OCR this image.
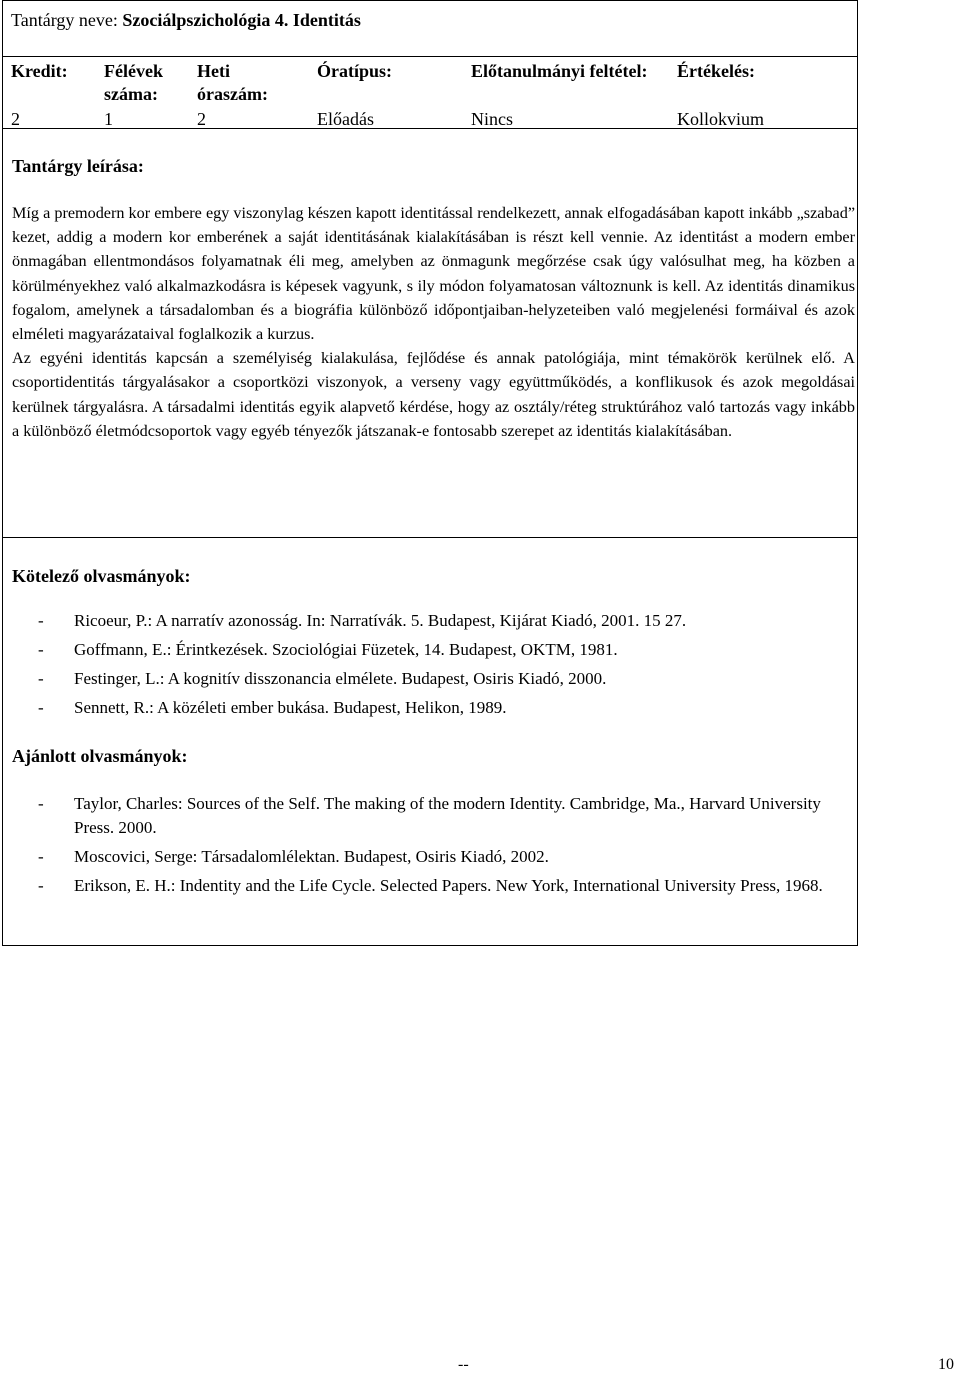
Tantárgy neve: Szociálpszichológia 4. Identitás
Kredit:
2
Félévek száma:
1
Heti óraszám:
2
Óratípus:
Előadás
Előtanulmányi feltétel:
Nincs
Értékelés:
Kollokvium
Tantárgy leírása:

Míg a premodern kor embere egy viszonylag készen kapott identitással rendelkezett, annak elfogadásában kapott inkább „szabad” kezet, addig a modern kor emberének a saját identitásának kialakításában is részt kell vennie. Az identitást a modern ember önmagában ellentmondásos folyamatnak éli meg, amelyben az önmagunk megőrzése csak úgy valósulhat meg, ha közben a körülményekhez való alkalmazkodásra is képesek vagyunk, s ily módon folyamatosan változnunk is kell. Az identitás dinamikus fogalom, amelynek a társadalomban és a biográfia különböző időpontjaiban-helyzeteiben való megjelenési formáival és azok elméleti magyarázataival foglalkozik a kurzus.

Az egyéni identitás kapcsán a személyiség kialakulása, fejlődése és annak patológiája, mint témakörök kerülnek elő. A csoportidentitás tárgyalásakor a csoportközi viszonyok, a verseny vagy együttműködés, a konflikusok és azok megoldásai kerülnek tárgyalásra. A társadalmi identitás egyik alapvető kérdése, hogy az osztály/réteg struktúrához való tartozás vagy inkább a különböző életmódcsoportok vagy egyéb tényezők játszanak-e fontosabb szerepet az identitás kialakításában.

Kötelező olvasmányok:
- Ricoeur, P.: A narratív azonosság. In: Narratívák. 5. Budapest, Kijárat Kiadó, 2001. 15 27.
- Goffmann, E.: Érintkezések. Szociológiai Füzetek, 14. Budapest, OKTM, 1981.
- Festinger, L.: A kognitív disszonancia elmélete. Budapest, Osiris Kiadó, 2000.
- Sennett, R.: A közéleti ember bukása. Budapest, Helikon, 1989.
Ajánlott olvasmányok:
- Taylor, Charles: Sources of the Self. The making of the modern Identity. Cambridge, Ma., Harvard University Press. 2000.
- Moscovici, Serge: Társadalomlélektan. Budapest, Osiris Kiadó, 2002.
- Erikson, E. H.: Indentity and the Life Cycle. Selected Papers. New York, International University Press, 1968.
--	10
